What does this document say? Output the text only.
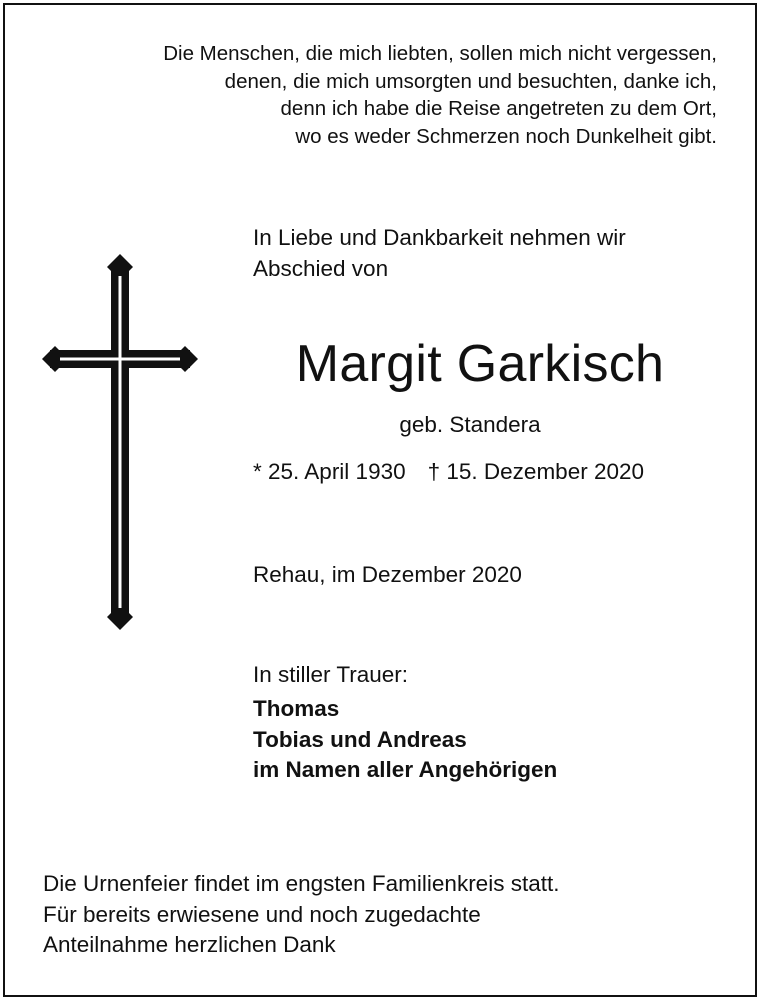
Die Menschen, die mich liebten, sollen mich nicht vergessen,
denen, die mich umsorgten und besuchten, danke ich,
denn ich habe die Reise angetreten zu dem Ort,
wo es weder Schmerzen noch Dunkelheit gibt.
In Liebe und Dankbarkeit nehmen wir
Abschied von
Margit Garkisch
geb. Standera
* 25. April 1930 † 15. Dezember 2020
Rehau, im Dezember 2020
In stiller Trauer:
Thomas
Tobias und Andreas
im Namen aller Angehörigen
Die Urnenfeier findet im engsten Familienkreis statt.
Für bereits erwiesene und noch zugedachte
Anteilnahme herzlichen Dank
